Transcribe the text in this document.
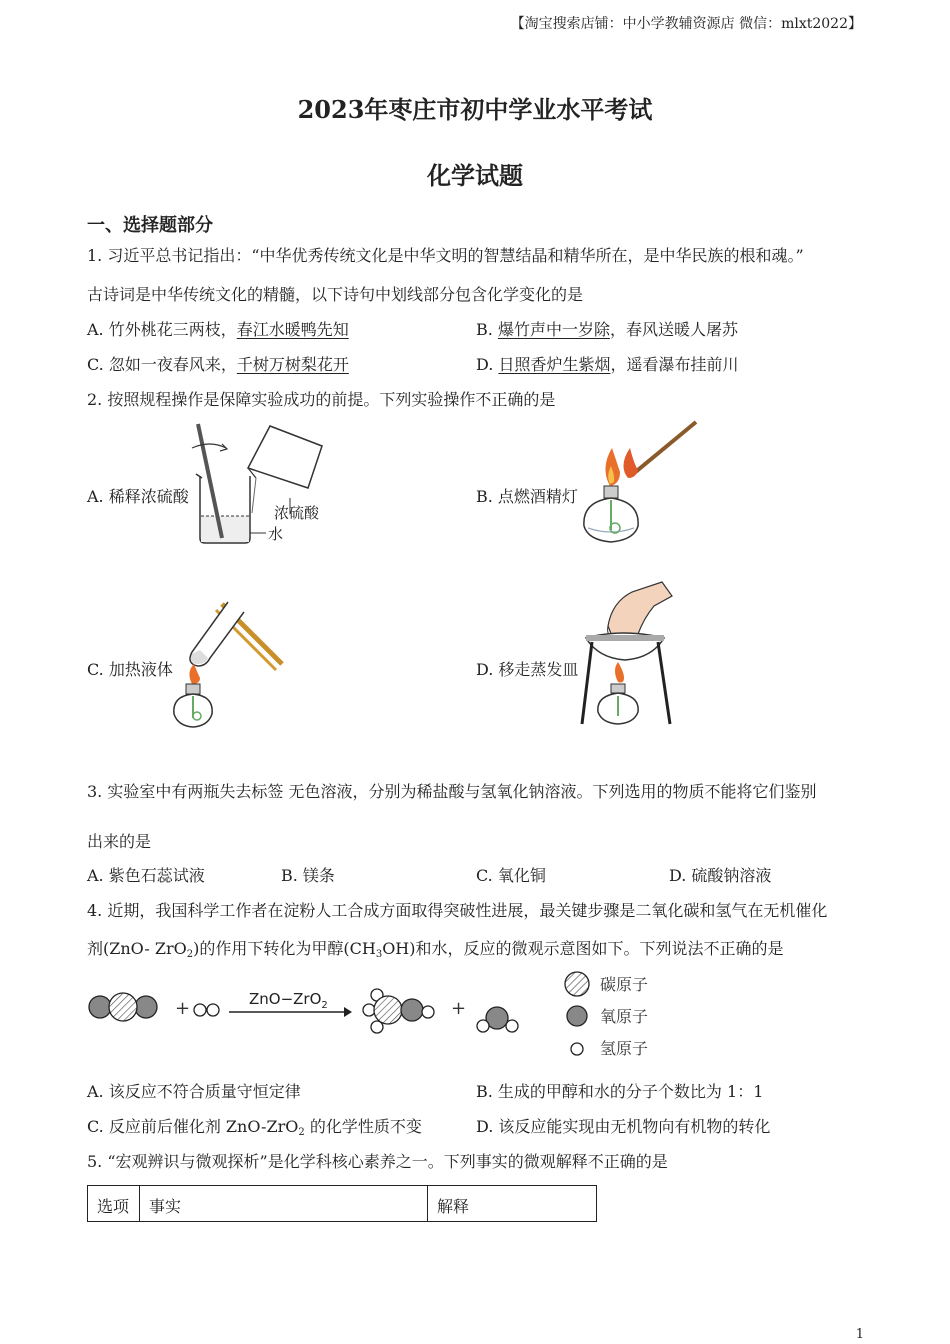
【淘宝搜索店铺：中小学教辅资源店 微信：mlxt2022】
2023年枣庄市初中学业水平考试
化学试题
一、选择题部分
1. 习近平总书记指出：“中华优秀传统文化是中华文明的智慧结晶和精华所在，是中华民族的根和魂。”
古诗词是中华传统文化的精髓，以下诗句中划线部分包含化学变化的是
A. 竹外桃花三两枝，春江水暖鸭先知	B. 爆竹声中一岁除，春风送暖人屠苏
C. 忽如一夜春风来，千树万树梨花开	D. 日照香炉生紫烟，遥看瀑布挂前川
2. 按照规程操作是保障实验成功的前提。下列实验操作不正确的是
A. 稀释浓硫酸	B. 点燃酒精灯
C. 加热液体	D. 移走蒸发皿
浓硫酸
水
3. 实验室中有两瓶失去标签 无色溶液，分别为稀盐酸与氢氧化钠溶液。下列选用的物质不能将它们鉴别
出来的是
A. 紫色石蕊试液	B. 镁条	C. 氧化铜	D. 硫酸钠溶液
4. 近期，我国科学工作者在淀粉人工合成方面取得突破性进展，最关键步骤是二氧化碳和氢气在无机催化
剂(ZnO- ZrO$_2$)的作用下转化为甲醇$(CH_3OH)$和水，反应的微观示意图如下。下列说法不正确的是
+	ZnO−ZrO$_2$	+
碳原子
氧原子
氢原子
A. 该反应不符合质量守恒定律	B. 生成的甲醇和水的分子个数比为 1：1
C. 反应前后催化剂 ZnO-ZrO$_2$ 的化学性质不变	D. 该反应能实现由无机物向有机物的转化
5. “宏观辨识与微观探析”是化学科核心素养之一。下列事实的微观解释不正确的是
选项	事实	解释
1
